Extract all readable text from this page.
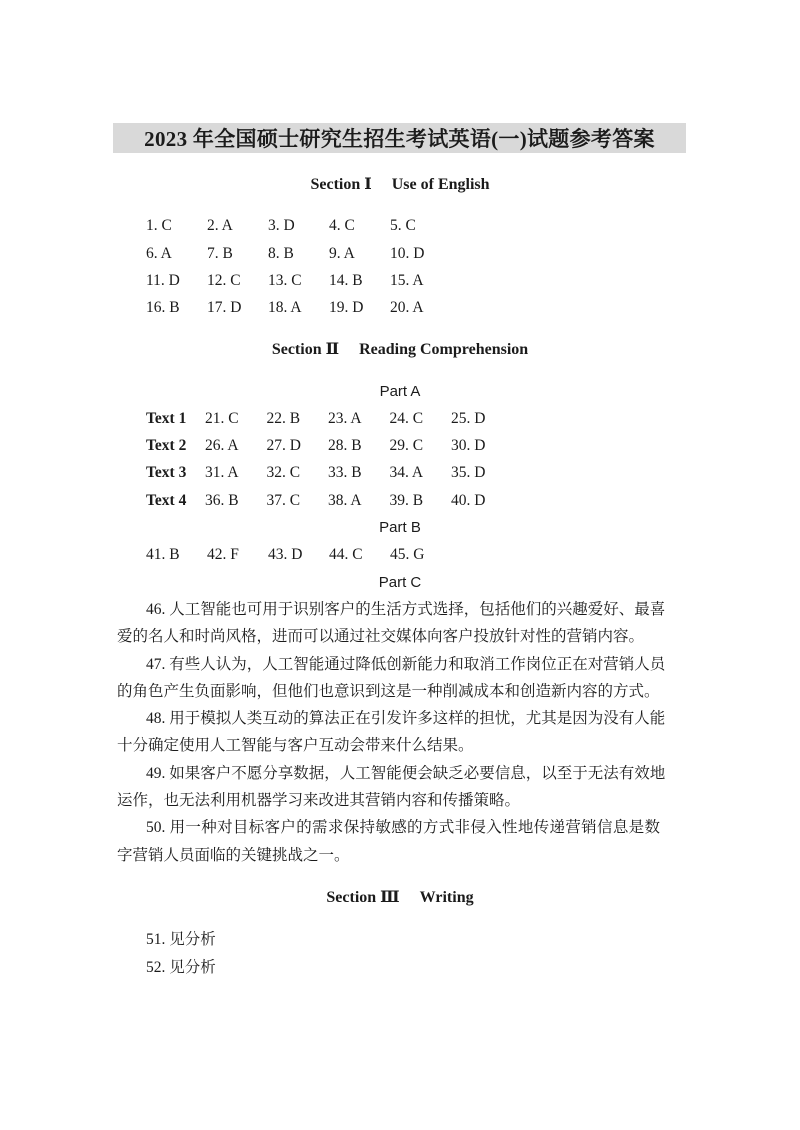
2023 年全国硕士研究生招生考试英语(一)试题参考答案
Section Ⅰ Use of English
1. C 2. A 3. D 4. C 5. C
6. A 7. B 8. B 9. A 10. D
11. D 12. C 13. C 14. B 15. A
16. B 17. D 18. A 19. D 20. A
Section Ⅱ Reading Comprehension
Part A
Text 1 21. C 22. B 23. A 24. C 25. D
Text 2 26. A 27. D 28. B 29. C 30. D
Text 3 31. A 32. C 33. B 34. A 35. D
Text 4 36. B 37. C 38. A 39. B 40. D
Part B
41. B 42. F 43. D 44. C 45. G
Part C
46. 人工智能也可用于识别客户的生活方式选择，包括他们的兴趣爱好、最喜
爱的名人和时尚风格，进而可以通过社交媒体向客户投放针对性的营销内容。
47. 有些人认为，人工智能通过降低创新能力和取消工作岗位正在对营销人员
的角色产生负面影响，但他们也意识到这是一种削减成本和创造新内容的方式。
48. 用于模拟人类互动的算法正在引发许多这样的担忧，尤其是因为没有人能
十分确定使用人工智能与客户互动会带来什么结果。
49. 如果客户不愿分享数据，人工智能便会缺乏必要信息，以至于无法有效地
运作，也无法利用机器学习来改进其营销内容和传播策略。
50. 用一种对目标客户的需求保持敏感的方式非侵入性地传递营销信息是数
字营销人员面临的关键挑战之一。
Section Ⅲ Writing
51. 见分析
52. 见分析
